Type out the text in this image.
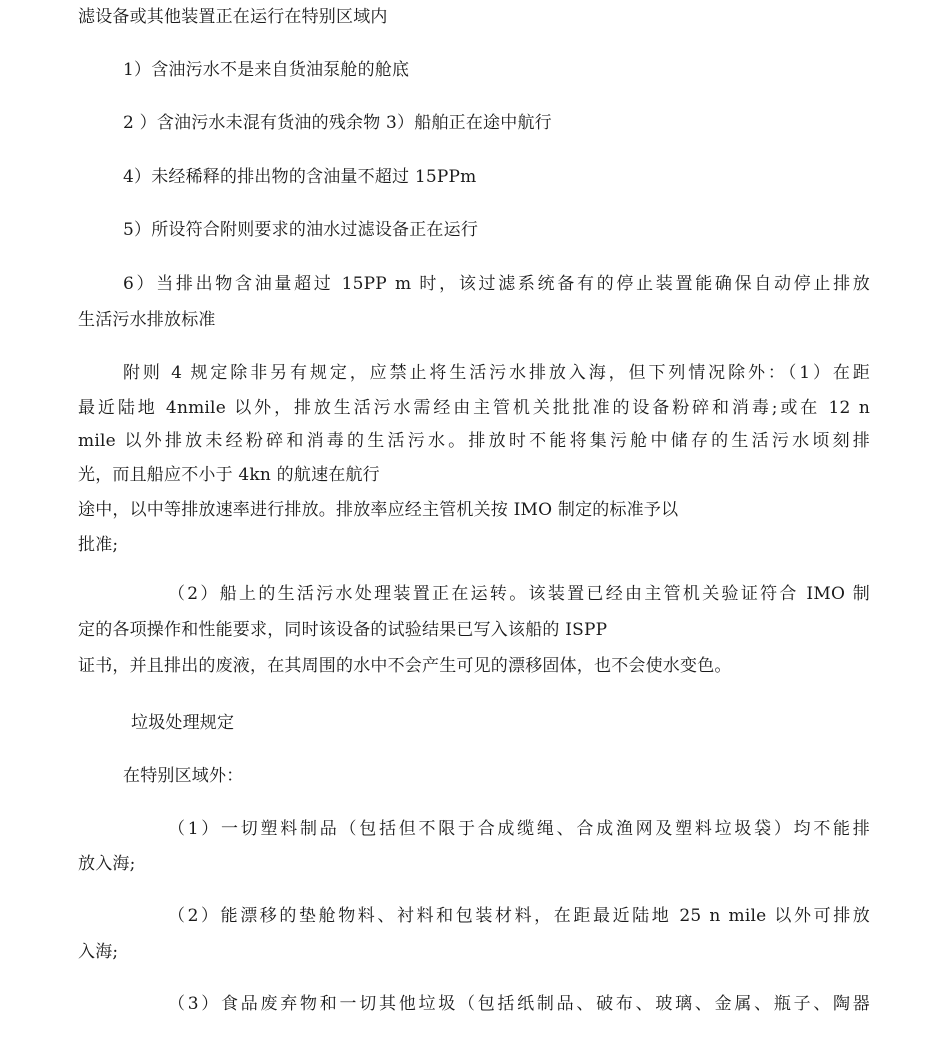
滤设备或其他装置正在运行在特别区域内
1）含油污水不是来自货油泵舱的舱底
2 ）含油污水未混有货油的残余物 3）船舶正在途中航行
4）未经稀释的排出物的含油量不超过 15PPm
5）所设符合附则要求的油水过滤设备正在运行
6）当排出物含油量超过 15PP m 时，该过滤系统备有的停止装置能确保自动停止排放
生活污水排放标准
附则 4 规定除非另有规定，应禁止将生活污水排放入海，但下列情况除外：（1）在距
最近陆地 4nmile 以外，排放生活污水需经由主管机关批批准的设备粉碎和消毒;或在 12 n
mile 以外排放未经粉碎和消毒的生活污水。排放时不能将集污舱中储存的生活污水顷刻排
光，而且船应不小于 4kn 的航速在航行
途中，以中等排放速率进行排放。排放率应经主管机关按 IMO 制定的标准予以
批准;
（2）船上的生活污水处理装置正在运转。该装置已经由主管机关验证符合 IMO 制
定的各项操作和性能要求，同时该设备的试验结果已写入该船的 ISPP
证书，并且排出的废液，在其周围的水中不会产生可见的漂移固体，也不会使水变色。
垃圾处理规定
在特别区域外：
（1）一切塑料制品（包括但不限于合成缆绳、合成渔网及塑料垃圾袋）均不能排
放入海;
（2）能漂移的垫舱物料、衬料和包装材料，在距最近陆地 25 n mile 以外可排放
入海;
（3）食品废弃物和一切其他垃圾（包括纸制品、破布、玻璃、金属、瓶子、陶器
